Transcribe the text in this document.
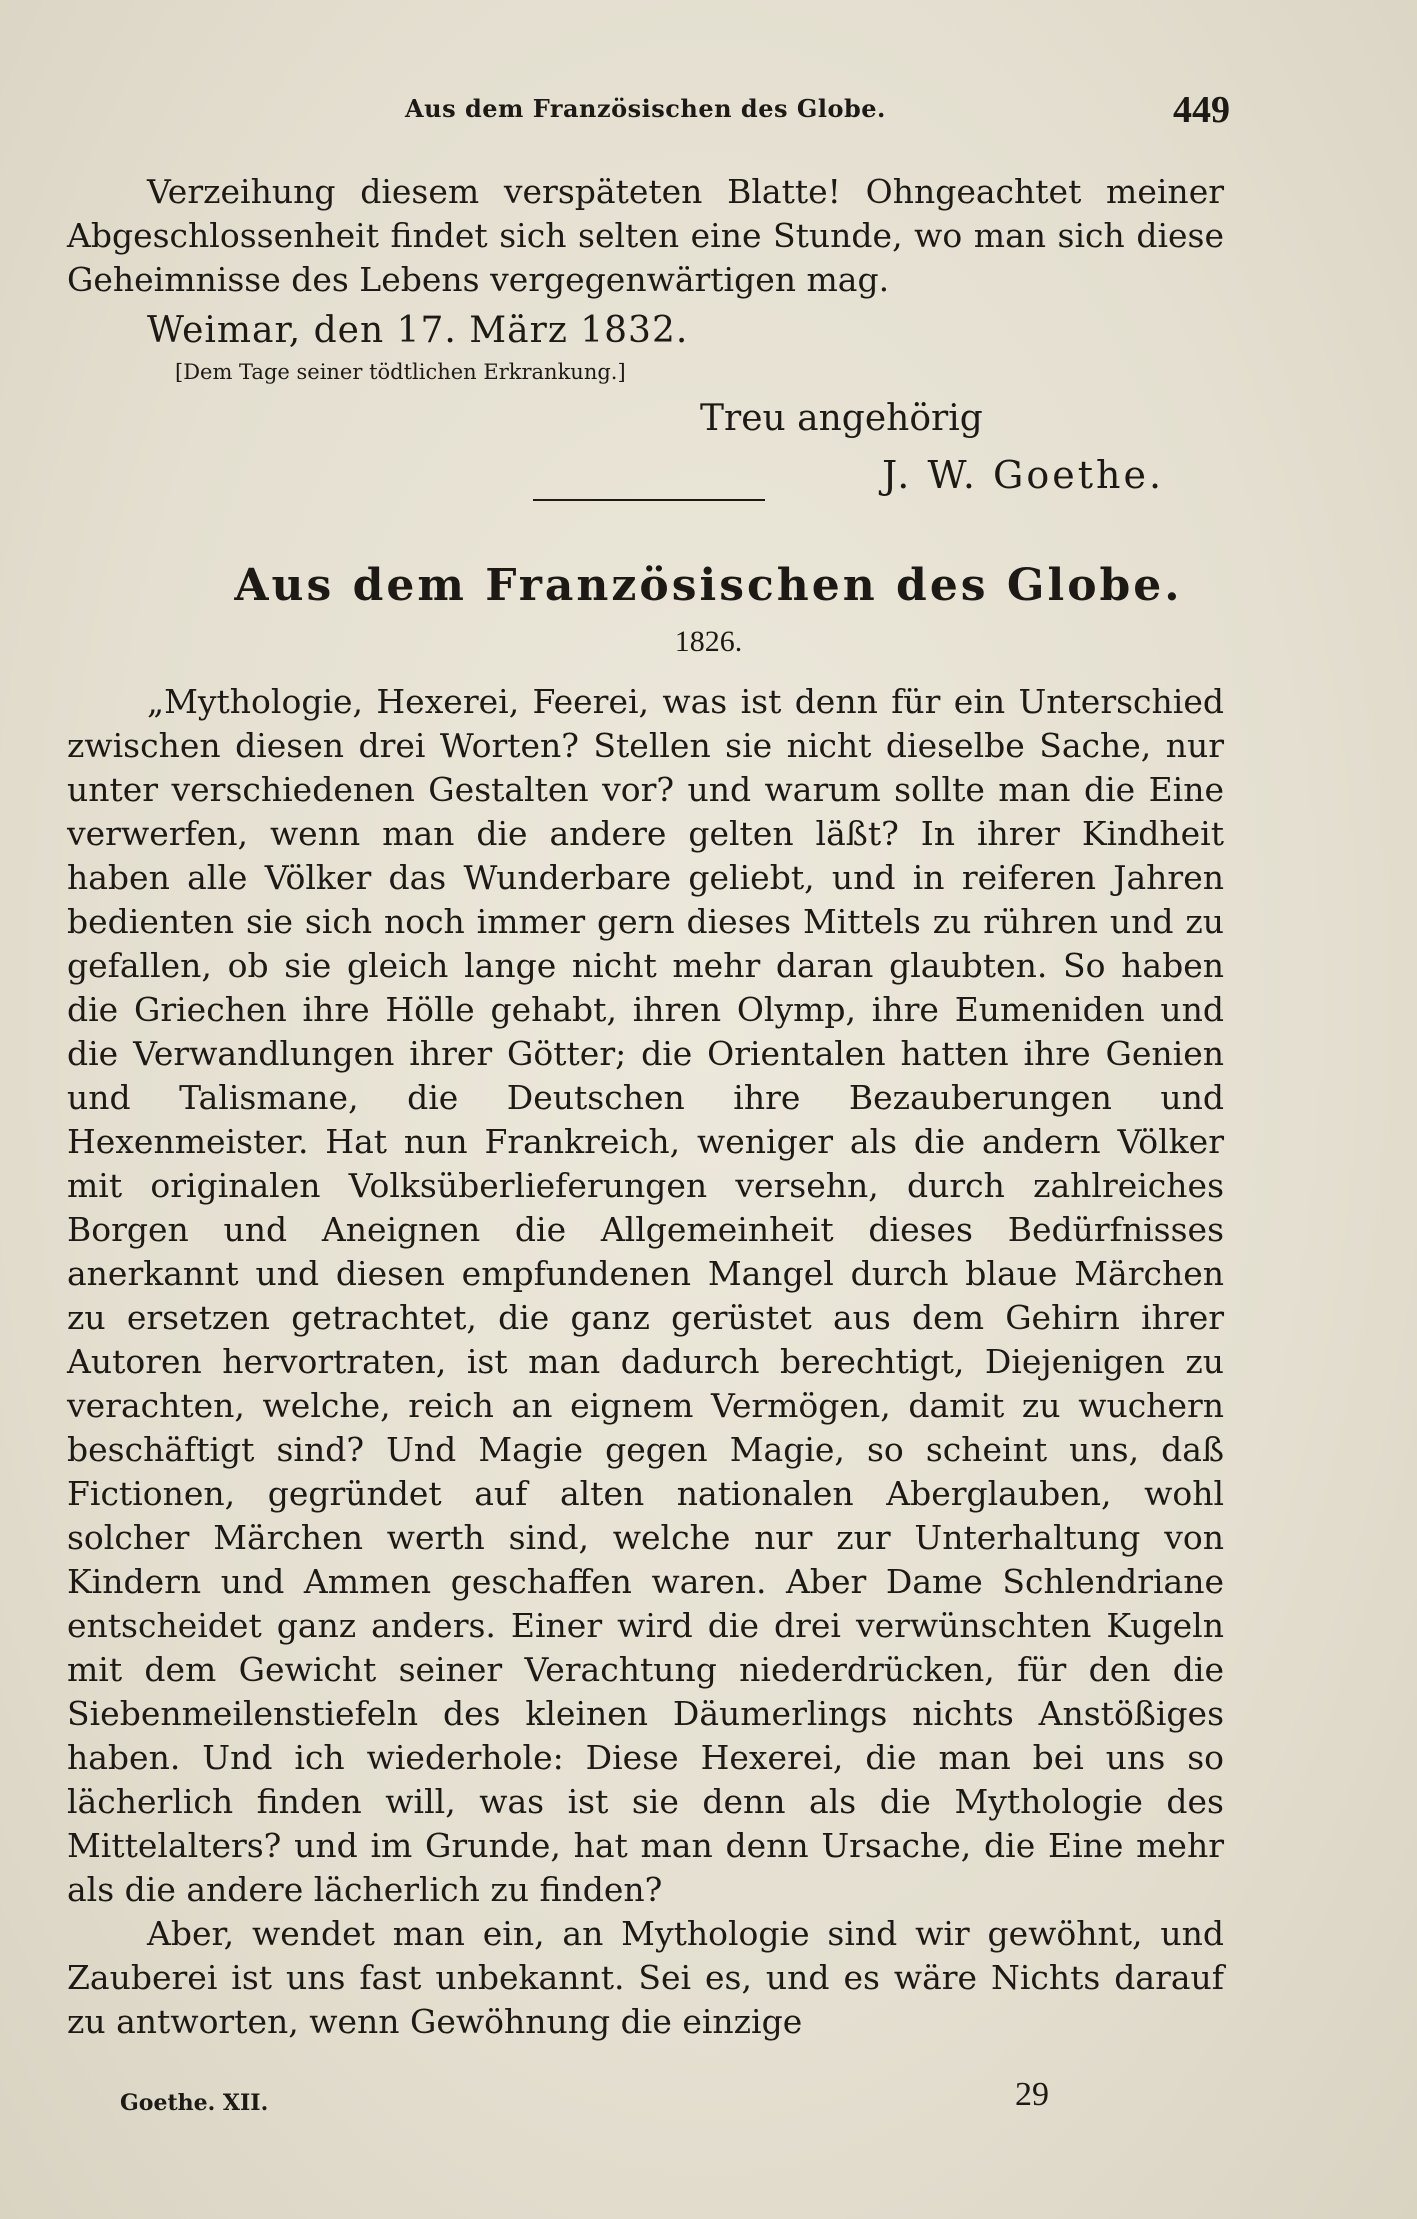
Aus dem Französischen des Globe.	449
Verzeihung diesem verspäteten Blatte! Ohngeachtet meiner Abgeschlossenheit findet sich selten eine Stunde, wo man sich diese Geheimnisse des Lebens vergegenwärtigen mag.
Weimar, den 17. März 1832.
[Dem Tage seiner tödtlichen Erkrankung.]
Treu angehörig
J. W. Goethe.
Aus dem Französischen des Globe.
1826.

„Mythologie, Hexerei, Feerei, was ist denn für ein Unterschied zwischen diesen drei Worten? Stellen sie nicht dieselbe Sache, nur unter verschiedenen Gestalten vor? und warum sollte man die Eine verwerfen, wenn man die andere gelten läßt? In ihrer Kindheit haben alle Völker das Wunderbare geliebt, und in reiferen Jahren bedienten sie sich noch immer gern dieses Mittels zu rühren und zu gefallen, ob sie gleich lange nicht mehr daran glaubten. So haben die Griechen ihre Hölle gehabt, ihren Olymp, ihre Eumeniden und die Verwandlungen ihrer Götter; die Orientalen hatten ihre Genien und Talismane, die Deutschen ihre Bezauberungen und Hexenmeister. Hat nun Frankreich, weniger als die andern Völker mit originalen Volksüberlieferungen versehn, durch zahlreiches Borgen und Aneignen die Allgemeinheit dieses Bedürfnisses anerkannt und diesen empfundenen Mangel durch blaue Märchen zu ersetzen getrachtet, die ganz gerüstet aus dem Gehirn ihrer Autoren hervortraten, ist man dadurch berechtigt, Diejenigen zu verachten, welche, reich an eignem Vermögen, damit zu wuchern beschäftigt sind? Und Magie gegen Magie, so scheint uns, daß Fictionen, gegründet auf alten nationalen Aberglauben, wohl solcher Märchen werth sind, welche nur zur Unterhaltung von Kindern und Ammen geschaffen waren. Aber Dame Schlendriane entscheidet ganz anders. Einer wird die drei verwünschten Kugeln mit dem Gewicht seiner Verachtung niederdrücken, für den die Siebenmeilenstiefeln des kleinen Däumerlings nichts Anstößiges haben. Und ich wiederhole: Diese Hexerei, die man bei uns so lächerlich finden will, was ist sie denn als die Mythologie des Mittelalters? und im Grunde, hat man denn Ursache, die Eine mehr als die andere lächerlich zu finden?

Aber, wendet man ein, an Mythologie sind wir gewöhnt, und Zauberei ist uns fast unbekannt. Sei es, und es wäre Nichts darauf zu antworten, wenn Gewöhnung die einzige

Goethe. XII.	29
